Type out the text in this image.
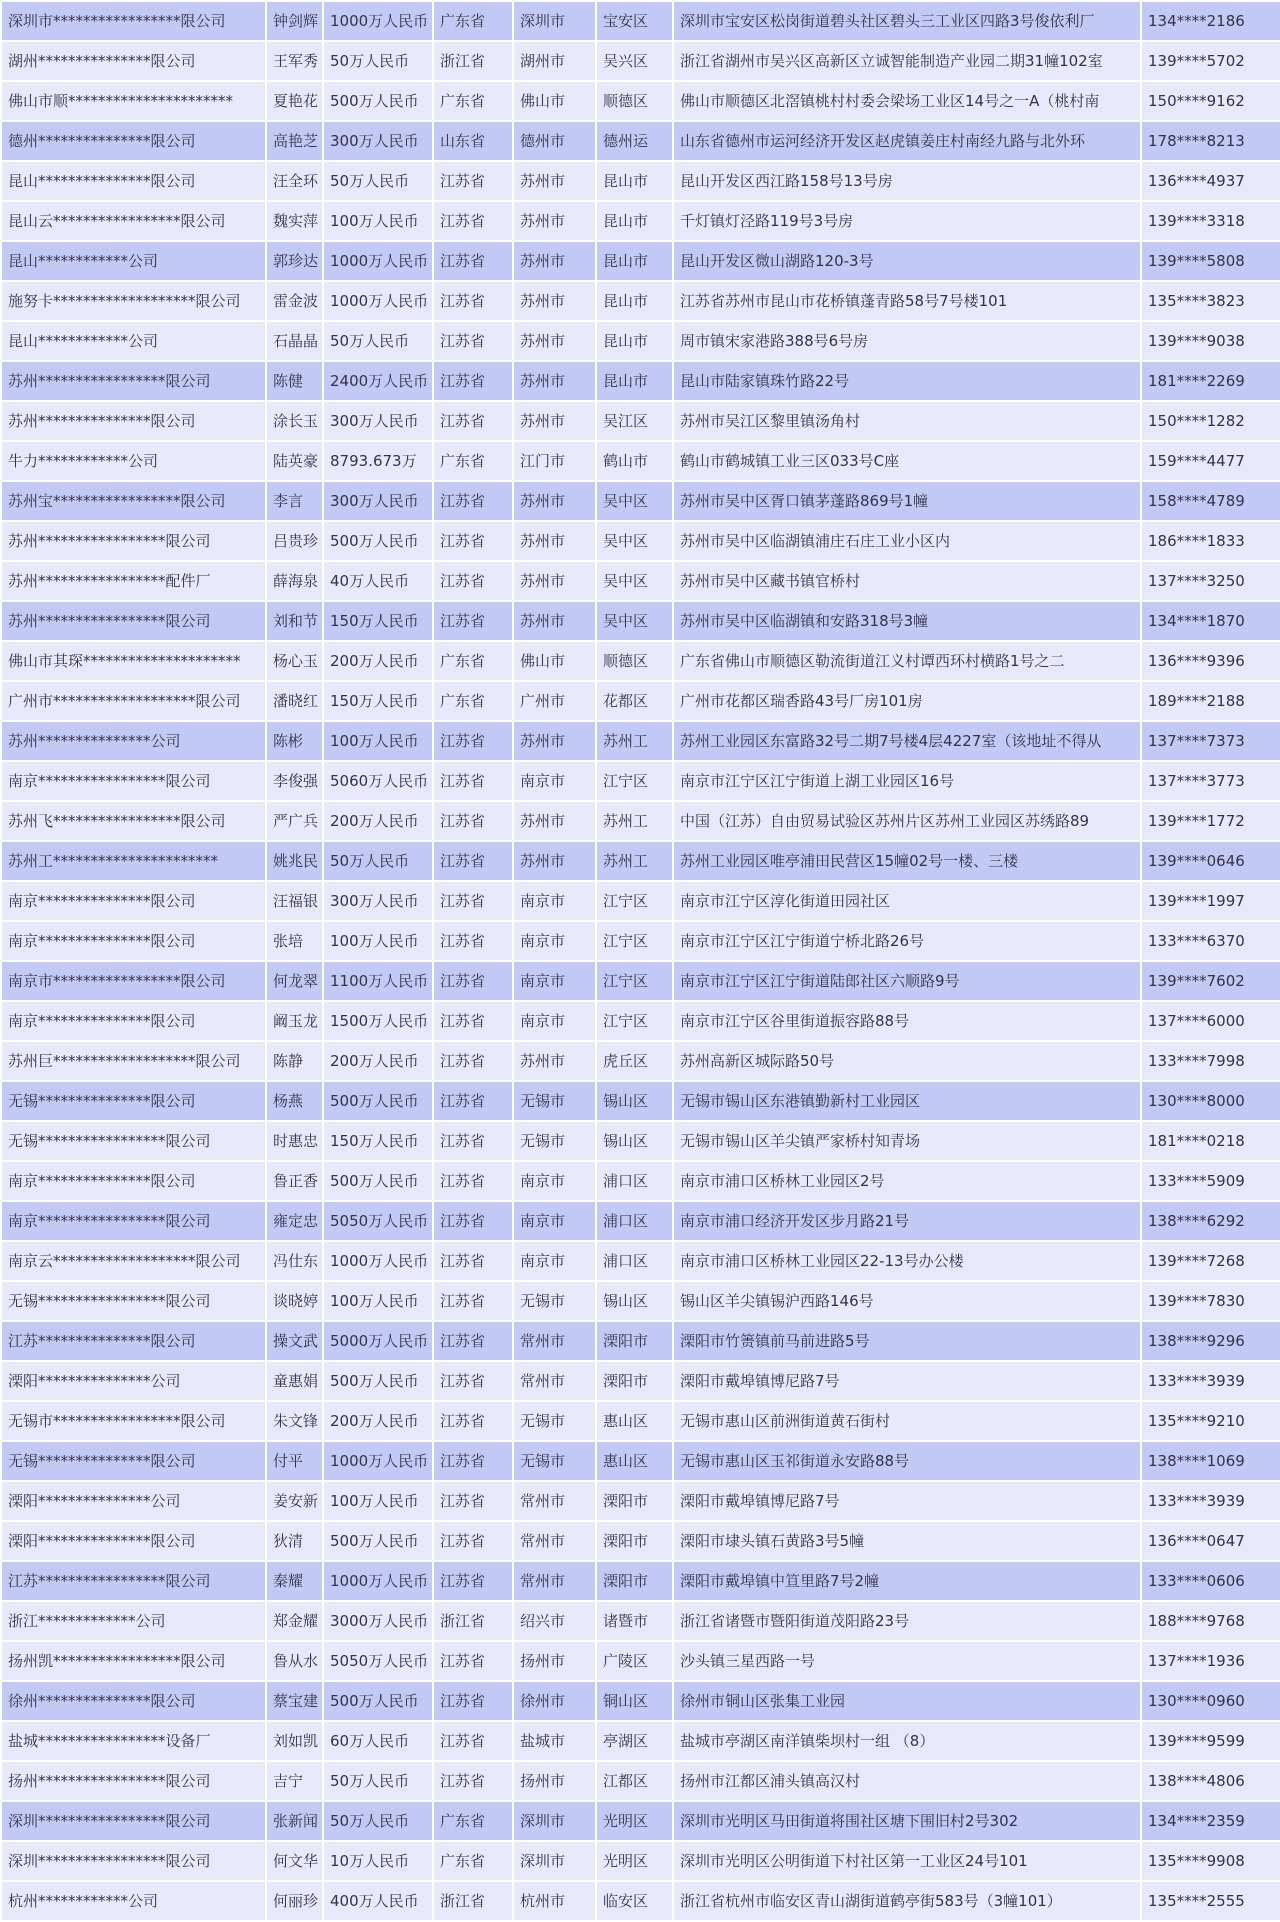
深圳市*****************限公司	钟剑辉	1000万人民币	广东省	深圳市	宝安区	深圳市宝安区松岗街道碧头社区碧头三工业区四路3号俊依利厂	134****2186
湖州***************限公司	王军秀	50万人民币	浙江省	湖州市	吴兴区	浙江省湖州市吴兴区高新区立诚智能制造产业园二期31幢102室	139****5702
佛山市顺**********************	夏艳花	500万人民币	广东省	佛山市	顺德区	佛山市顺德区北滘镇桃村村委会梁场工业区14号之一A（桃村南	150****9162
德州***************限公司	高艳芝	300万人民币	山东省	德州市	德州运	山东省德州市运河经济开发区赵虎镇姜庄村南经九路与北外环	178****8213
昆山***************限公司	汪全环	50万人民币	江苏省	苏州市	昆山市	昆山开发区西江路158号13号房	136****4937
昆山云*****************限公司	魏实萍	100万人民币	江苏省	苏州市	昆山市	千灯镇灯泾路119号3号房	139****3318
昆山************公司	郭珍达	1000万人民币	江苏省	苏州市	昆山市	昆山开发区微山湖路120-3号	139****5808
施努卡*******************限公司	雷金波	1000万人民币	江苏省	苏州市	昆山市	江苏省苏州市昆山市花桥镇蓬青路58号7号楼101	135****3823
昆山************公司	石晶晶	50万人民币	江苏省	苏州市	昆山市	周市镇宋家港路388号6号房	139****9038
苏州*****************限公司	陈健	2400万人民币	江苏省	苏州市	昆山市	昆山市陆家镇珠竹路22号	181****2269
苏州***************限公司	涂长玉	300万人民币	江苏省	苏州市	吴江区	苏州市吴江区黎里镇汤角村	150****1282
牛力************公司	陆英豪	8793.673万	广东省	江门市	鹤山市	鹤山市鹤城镇工业三区033号C座	159****4477
苏州宝*****************限公司	李言	300万人民币	江苏省	苏州市	吴中区	苏州市吴中区胥口镇茅蓬路869号1幢	158****4789
苏州*****************限公司	吕贵珍	500万人民币	江苏省	苏州市	吴中区	苏州市吴中区临湖镇浦庄石庄工业小区内	186****1833
苏州*****************配件厂	薛海泉	40万人民币	江苏省	苏州市	吴中区	苏州市吴中区藏书镇官桥村	137****3250
苏州*****************限公司	刘和节	150万人民币	江苏省	苏州市	吴中区	苏州市吴中区临湖镇和安路318号3幢	134****1870
佛山市其琛*********************	杨心玉	200万人民币	广东省	佛山市	顺德区	广东省佛山市顺德区勒流街道江义村谭西环村横路1号之二	136****9396
广州市*******************限公司	潘晓红	150万人民币	广东省	广州市	花都区	广州市花都区瑞香路43号厂房101房	189****2188
苏州***************公司	陈彬	100万人民币	江苏省	苏州市	苏州工	苏州工业园区东富路32号二期7号楼4层4227室（该地址不得从	137****7373
南京*****************限公司	李俊强	5060万人民币	江苏省	南京市	江宁区	南京市江宁区江宁街道上湖工业园区16号	137****3773
苏州飞*****************限公司	严广兵	200万人民币	江苏省	苏州市	苏州工	中国（江苏）自由贸易试验区苏州片区苏州工业园区苏绣路89	139****1772
苏州工**********************	姚兆民	50万人民币	江苏省	苏州市	苏州工	苏州工业园区唯亭浦田民营区15幢02号一楼、三楼	139****0646
南京***************限公司	汪福银	300万人民币	江苏省	南京市	江宁区	南京市江宁区淳化街道田园社区	139****1997
南京***************限公司	张培	100万人民币	江苏省	南京市	江宁区	南京市江宁区江宁街道宁桥北路26号	133****6370
南京市*****************限公司	何龙翠	1100万人民币	江苏省	南京市	江宁区	南京市江宁区江宁街道陆郎社区六顺路9号	139****7602
南京***************限公司	阚玉龙	1500万人民币	江苏省	南京市	江宁区	南京市江宁区谷里街道振容路88号	137****6000
苏州巨*******************限公司	陈静	200万人民币	江苏省	苏州市	虎丘区	苏州高新区城际路50号	133****7998
无锡***************限公司	杨燕	500万人民币	江苏省	无锡市	锡山区	无锡市锡山区东港镇勤新村工业园区	130****8000
无锡*****************限公司	时惠忠	150万人民币	江苏省	无锡市	锡山区	无锡市锡山区羊尖镇严家桥村知青场	181****0218
南京***************限公司	鲁正香	500万人民币	江苏省	南京市	浦口区	南京市浦口区桥林工业园区2号	133****5909
南京*****************限公司	雍定忠	5050万人民币	江苏省	南京市	浦口区	南京市浦口经济开发区步月路21号	138****6292
南京云*******************限公司	冯仕东	1000万人民币	江苏省	南京市	浦口区	南京市浦口区桥林工业园区22-13号办公楼	139****7268
无锡*****************限公司	谈晓婷	100万人民币	江苏省	无锡市	锡山区	锡山区羊尖镇锡沪西路146号	139****7830
江苏***************限公司	操文武	5000万人民币	江苏省	常州市	溧阳市	溧阳市竹箦镇前马前进路5号	138****9296
溧阳***************公司	童惠娟	500万人民币	江苏省	常州市	溧阳市	溧阳市戴埠镇博尼路7号	133****3939
无锡市*****************限公司	朱文锋	200万人民币	江苏省	无锡市	惠山区	无锡市惠山区前洲街道黄石街村	135****9210
无锡***************限公司	付平	1000万人民币	江苏省	无锡市	惠山区	无锡市惠山区玉祁街道永安路88号	138****1069
溧阳***************公司	姜安新	100万人民币	江苏省	常州市	溧阳市	溧阳市戴埠镇博尼路7号	133****3939
溧阳***************限公司	狄清	500万人民币	江苏省	常州市	溧阳市	溧阳市埭头镇石黄路3号5幢	136****0647
江苏*****************限公司	秦耀	1000万人民币	江苏省	常州市	溧阳市	溧阳市戴埠镇中笪里路7号2幢	133****0606
浙江*************公司	郑金耀	3000万人民币	浙江省	绍兴市	诸暨市	浙江省诸暨市暨阳街道茂阳路23号	188****9768
扬州凯*****************限公司	鲁从水	5050万人民币	江苏省	扬州市	广陵区	沙头镇三星西路一号	137****1936
徐州***************限公司	蔡宝建	500万人民币	江苏省	徐州市	铜山区	徐州市铜山区张集工业园	130****0960
盐城*****************设备厂	刘如凯	60万人民币	江苏省	盐城市	亭湖区	盐城市亭湖区南洋镇柴坝村一组 （8）	139****9599
扬州*****************限公司	吉宁	50万人民币	江苏省	扬州市	江都区	扬州市江都区浦头镇高汉村	138****4806
深圳*****************限公司	张新闻	50万人民币	广东省	深圳市	光明区	深圳市光明区马田街道将围社区塘下围旧村2号302	134****2359
深圳*****************限公司	何文华	10万人民币	广东省	深圳市	光明区	深圳市光明区公明街道下村社区第一工业区24号101	135****9908
杭州************公司	何丽珍	400万人民币	浙江省	杭州市	临安区	浙江省杭州市临安区青山湖街道鹤亭街583号（3幢101）	135****2555
